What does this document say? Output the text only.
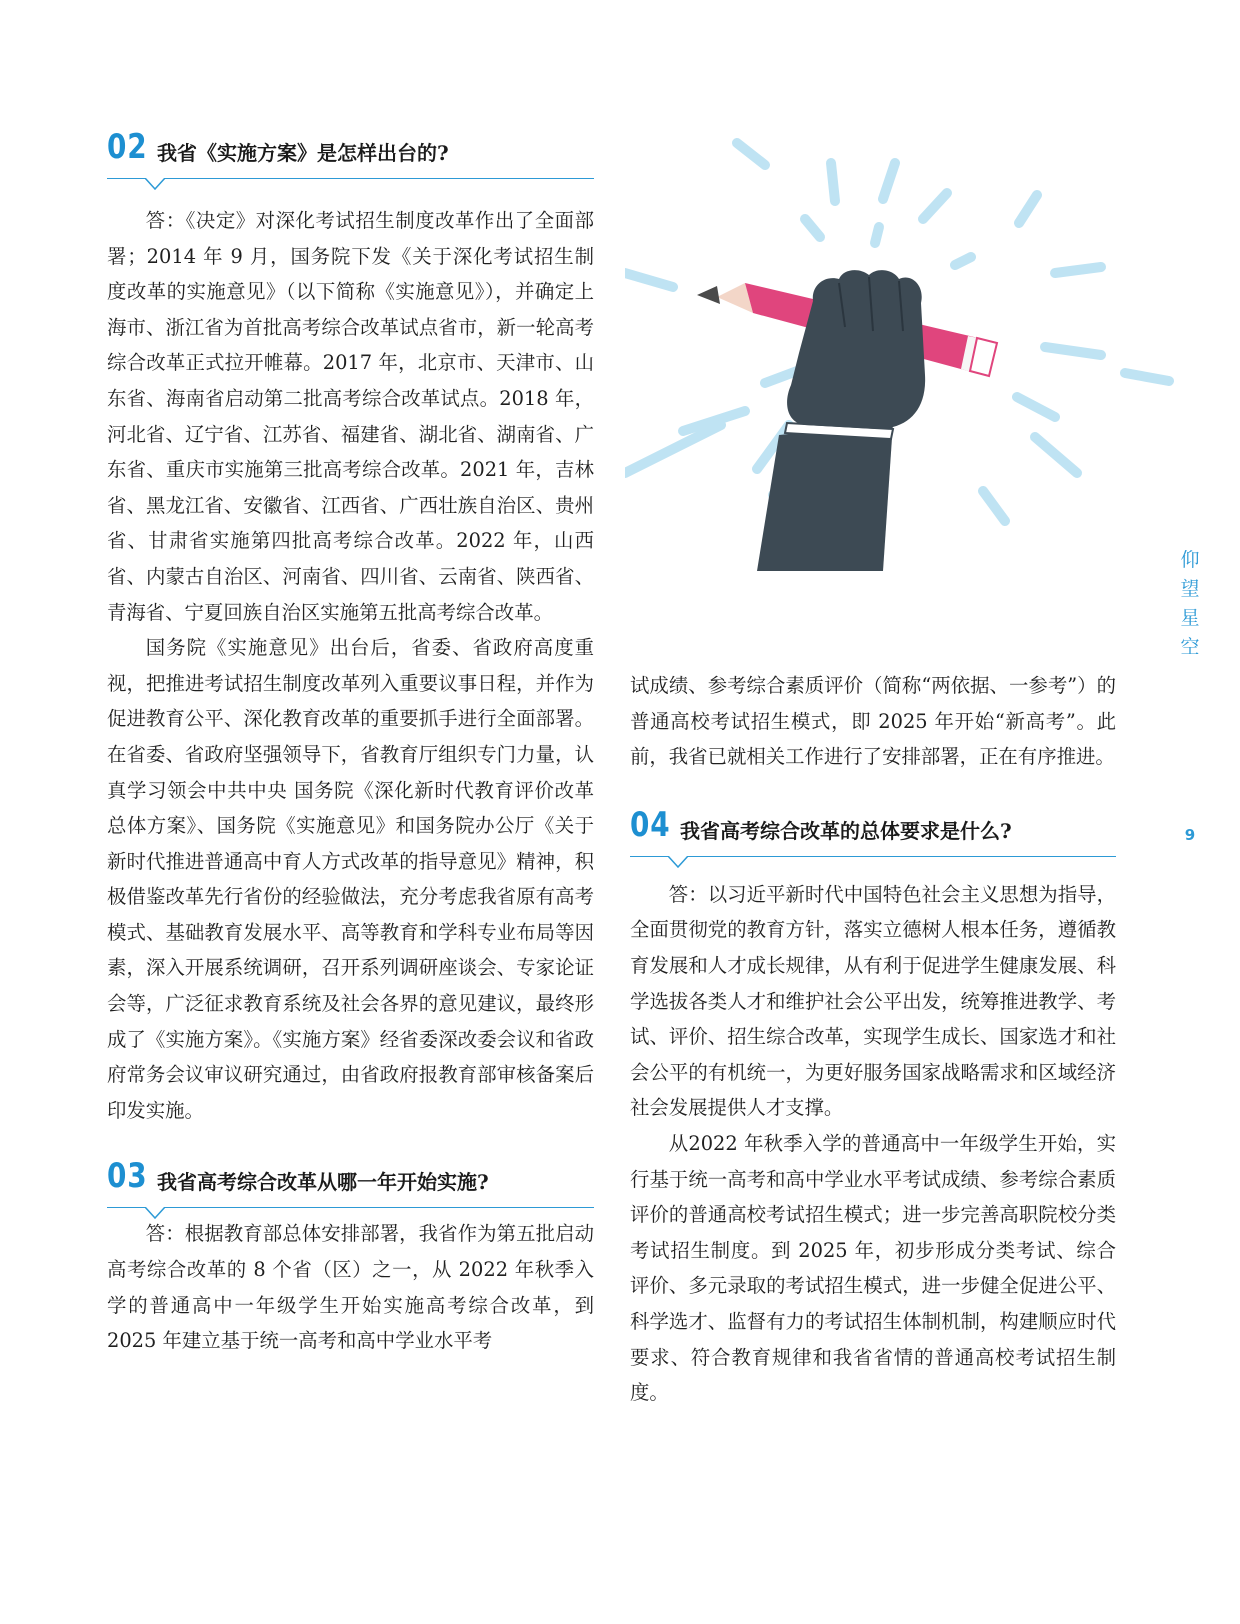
02 我省《实施方案》是怎样出台的?

答：《决定》对深化考试招生制度改革作出了全面部署；2014 年 9 月，国务院下发《关于深化考试招生制度改革的实施意见》（以下简称《实施意见》），并确定上海市、浙江省为首批高考综合改革试点省市，新一轮高考综合改革正式拉开帷幕。2017 年，北京市、天津市、山东省、海南省启动第二批高考综合改革试点。2018 年，河北省、辽宁省、江苏省、福建省、湖北省、湖南省、广东省、重庆市实施第三批高考综合改革。2021 年，吉林省、黑龙江省、安徽省、江西省、广西壮族自治区、贵州省、甘肃省实施第四批高考综合改革。2022 年，山西省、内蒙古自治区、河南省、四川省、云南省、陕西省、青海省、宁夏回族自治区实施第五批高考综合改革。

国务院《实施意见》出台后，省委、省政府高度重视，把推进考试招生制度改革列入重要议事日程，并作为促进教育公平、深化教育改革的重要抓手进行全面部署。在省委、省政府坚强领导下，省教育厅组织专门力量，认真学习领会中共中央 国务院《深化新时代教育评价改革总体方案》、国务院《实施意见》和国务院办公厅《关于新时代推进普通高中育人方式改革的指导意见》精神，积极借鉴改革先行省份的经验做法，充分考虑我省原有高考模式、基础教育发展水平、高等教育和学科专业布局等因素，深入开展系统调研，召开系列调研座谈会、专家论证会等，广泛征求教育系统及社会各界的意见建议，最终形成了《实施方案》。《实施方案》经省委深改委会议和省政府常务会议审议研究通过，由省政府报教育部审核备案后印发实施。

03 我省高考综合改革从哪一年开始实施?

答：根据教育部总体安排部署，我省作为第五批启动高考综合改革的 8 个省（区）之一，从 2022 年秋季入学的普通高中一年级学生开始实施高考综合改革，到 2025 年建立基于统一高考和高中学业水平考

试成绩、参考综合素质评价（简称“两依据、一参考”）的普通高校考试招生模式，即 2025 年开始“新高考”。此前，我省已就相关工作进行了安排部署，正在有序推进。

04 我省高考综合改革的总体要求是什么?

答：以习近平新时代中国特色社会主义思想为指导，全面贯彻党的教育方针，落实立德树人根本任务，遵循教育发展和人才成长规律，从有利于促进学生健康发展、科学选拔各类人才和维护社会公平出发，统筹推进教学、考试、评价、招生综合改革，实现学生成长、国家选才和社会公平的有机统一，为更好服务国家战略需求和区域经济社会发展提供人才支撑。

从2022 年秋季入学的普通高中一年级学生开始，实行基于统一高考和高中学业水平考试成绩、参考综合素质评价的普通高校考试招生模式；进一步完善高职院校分类考试招生制度。到 2025 年，初步形成分类考试、综合评价、多元录取的考试招生模式，进一步健全促进公平、科学选才、监督有力的考试招生体制机制，构建顺应时代要求、符合教育规律和我省省情的普通高校考试招生制度。

仰
望
星
空
9
